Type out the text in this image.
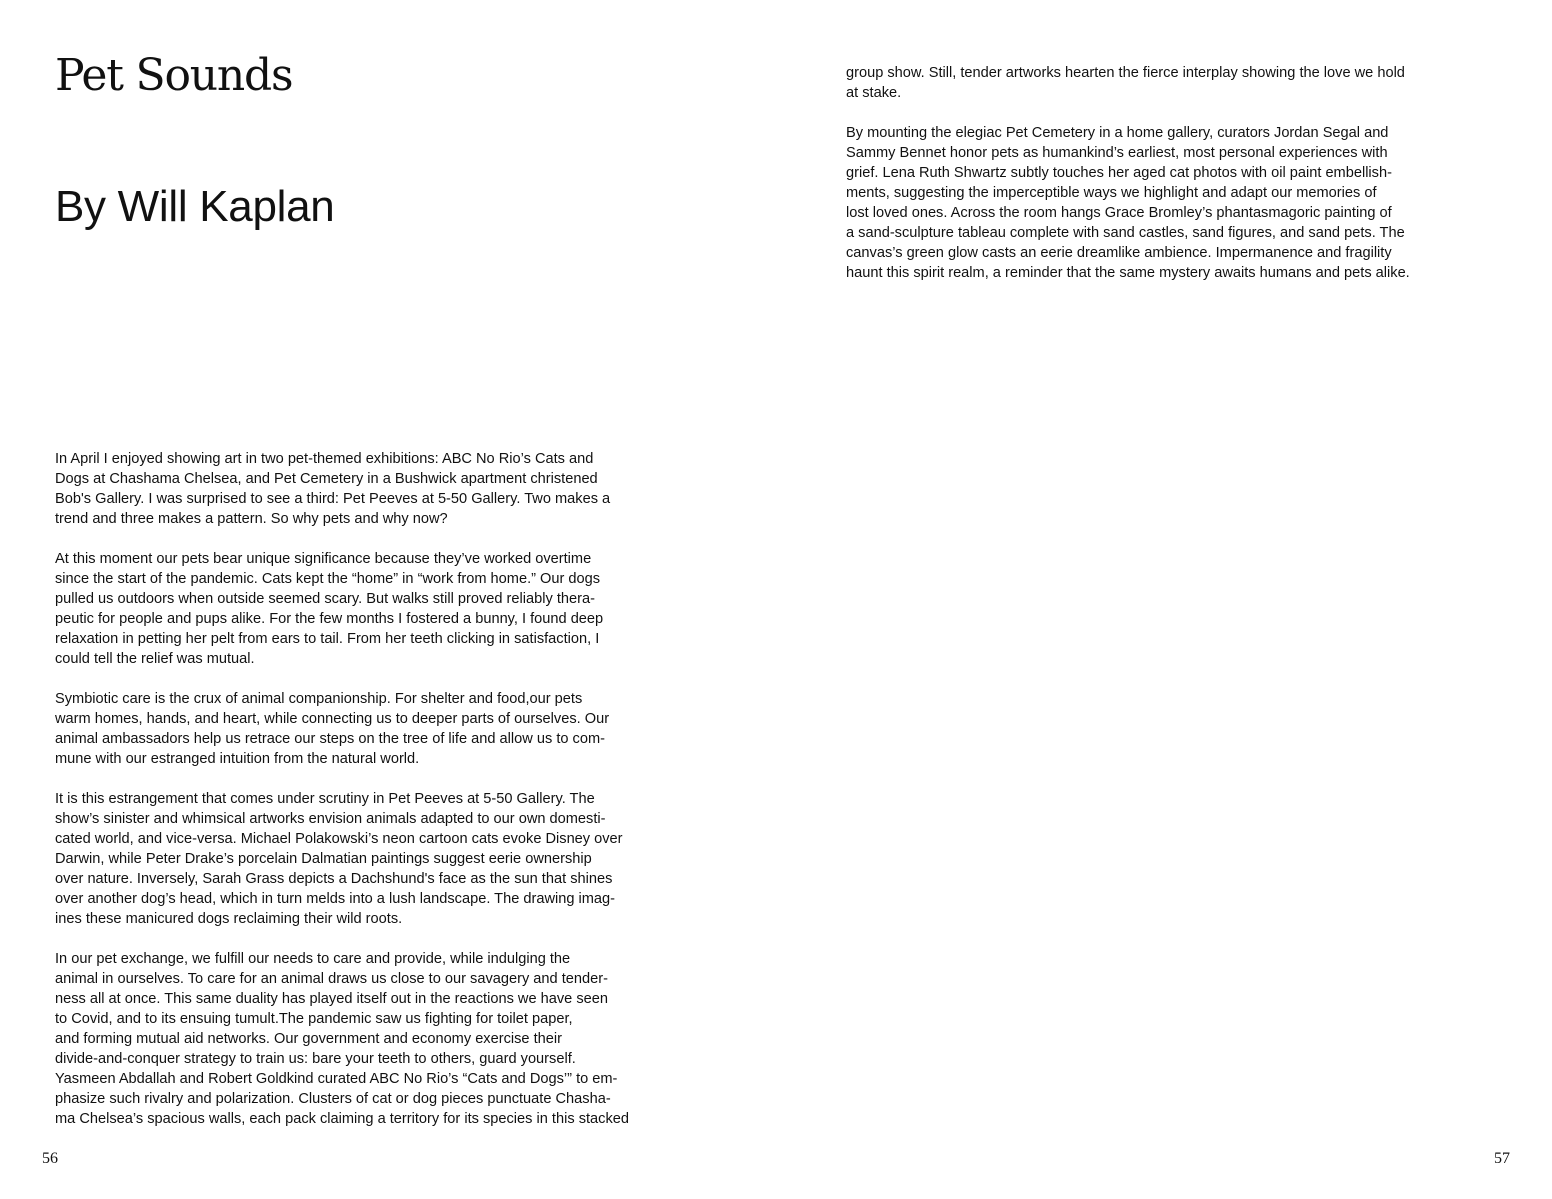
Pet Sounds
By Will Kaplan

In April I enjoyed showing art in two pet-themed exhibitions: ABC No Rio’s Cats and
Dogs at Chashama Chelsea, and Pet Cemetery in a Bushwick apartment christened
Bob's Gallery. I was surprised to see a third: Pet Peeves at 5-50 Gallery. Two makes a
trend and three makes a pattern. So why pets and why now?

At this moment our pets bear unique significance because they’ve worked overtime
since the start of the pandemic. Cats kept the “home” in “work from home.” Our dogs
pulled us outdoors when outside seemed scary. But walks still proved reliably thera-
peutic for people and pups alike. For the few months I fostered a bunny, I found deep
relaxation in petting her pelt from ears to tail. From her teeth clicking in satisfaction, I
could tell the relief was mutual.

Symbiotic care is the crux of animal companionship. For shelter and food,our pets
warm homes, hands, and heart, while connecting us to deeper parts of ourselves. Our
animal ambassadors help us retrace our steps on the tree of life and allow us to com-
mune with our estranged intuition from the natural world.

It is this estrangement that comes under scrutiny in Pet Peeves at 5-50 Gallery. The
show’s sinister and whimsical artworks envision animals adapted to our own domesti-
cated world, and vice-versa. Michael Polakowski’s neon cartoon cats evoke Disney over
Darwin, while Peter Drake’s porcelain Dalmatian paintings suggest eerie ownership
over nature. Inversely, Sarah Grass depicts a Dachshund's face as the sun that shines
over another dog’s head, which in turn melds into a lush landscape. The drawing imag-
ines these manicured dogs reclaiming their wild roots.

In our pet exchange, we fulfill our needs to care and provide, while indulging the
animal in ourselves. To care for an animal draws us close to our savagery and tender-
ness all at once. This same duality has played itself out in the reactions we have seen
to Covid, and to its ensuing tumult.The pandemic saw us fighting for toilet paper,
and forming mutual aid networks. Our government and economy exercise their
divide-and-conquer strategy to train us: bare your teeth to others, guard yourself.
Yasmeen Abdallah and Robert Goldkind curated ABC No Rio’s “Cats and Dogs’” to em-
phasize such rivalry and polarization. Clusters of cat or dog pieces punctuate Chasha-
ma Chelsea’s spacious walls, each pack claiming a territory for its species in this stacked

56

group show. Still, tender artworks hearten the fierce interplay showing the love we hold
at stake.

By mounting the elegiac Pet Cemetery in a home gallery, curators Jordan Segal and
Sammy Bennet honor pets as humankind’s earliest, most personal experiences with
grief. Lena Ruth Shwartz subtly touches her aged cat photos with oil paint embellish-
ments, suggesting the imperceptible ways we highlight and adapt our memories of
lost loved ones. Across the room hangs Grace Bromley’s phantasmagoric painting of
a sand-sculpture tableau complete with sand castles, sand figures, and sand pets. The
canvas’s green glow casts an eerie dreamlike ambience. Impermanence and fragility
haunt this spirit realm, a reminder that the same mystery awaits humans and pets alike.

57
